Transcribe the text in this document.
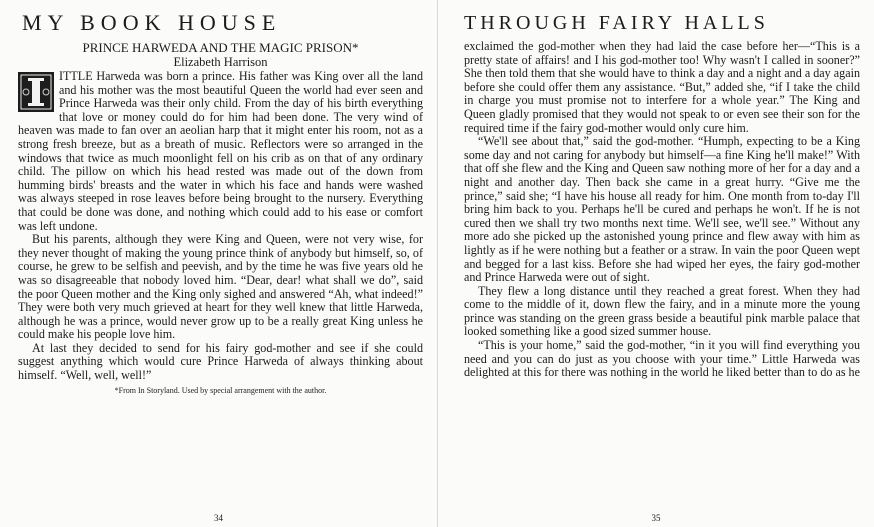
MY BOOK HOUSE
PRINCE HARWEDA AND THE MAGIC PRISON*
Elizabeth Harrison

ITTLE Harweda was born a prince. His father was King over all the land and his mother was the most beautiful Queen the world had ever seen and Prince Harweda was their only child. From the day of his birth everything that love or money could do for him had been done. The very wind of heaven was made to fan over an aeolian harp that it might enter his room, not as a strong fresh breeze, but as a breath of music. Reflectors were so arranged in the windows that twice as much moonlight fell on his crib as on that of any ordinary child. The pillow on which his head rested was made out of the down from humming birds' breasts and the water in which his face and hands were washed was always steeped in rose leaves before being brought to the nursery. Everything that could be done was done, and nothing which could add to his ease or comfort was left undone.

But his parents, although they were King and Queen, were not very wise, for they never thought of making the young prince think of anybody but himself, so, of course, he grew to be selfish and peevish, and by the time he was five years old he was so disagreeable that nobody loved him. “Dear, dear! what shall we do”, said the poor Queen mother and the King only sighed and answered “Ah, what indeed!” They were both very much grieved at heart for they well knew that little Harweda, although he was a prince, would never grow up to be a really great King unless he could make his people love him.

At last they decided to send for his fairy god-mother and see if she could suggest anything which would cure Prince Harweda of always thinking about himself. “Well, well, well!”

*From In Storyland. Used by special arrangement with the author.
34
THROUGH FAIRY HALLS

exclaimed the god-mother when they had laid the case before her—“This is a pretty state of affairs! and I his god-mother too! Why wasn't I called in sooner?” She then told them that she would have to think a day and a night and a day again before she could offer them any assistance. “But,” added she, “if I take the child in charge you must promise not to interfere for a whole year.” The King and Queen gladly promised that they would not speak to or even see their son for the required time if the fairy god-mother would only cure him.

“We'll see about that,” said the god-mother. “Humph, expecting to be a King some day and not caring for anybody but himself—a fine King he'll make!” With that off she flew and the King and Queen saw nothing more of her for a day and a night and another day. Then back she came in a great hurry. “Give me the prince,” said she; “I have his house all ready for him. One month from to-day I'll bring him back to you. Perhaps he'll be cured and perhaps he won't. If he is not cured then we shall try two months next time. We'll see, we'll see.” Without any more ado she picked up the astonished young prince and flew away with him as lightly as if he were nothing but a feather or a straw. In vain the poor Queen wept and begged for a last kiss. Before she had wiped her eyes, the fairy god-mother and Prince Harweda were out of sight.

They flew a long distance until they reached a great forest. When they had come to the middle of it, down flew the fairy, and in a minute more the young prince was standing on the green grass beside a beautiful pink marble palace that looked something like a good sized summer house.

“This is your home,” said the god-mother, “in it you will find everything you need and you can do just as you choose with your time.” Little Harweda was delighted at this for there was nothing in the world he liked better than to do as he

35
